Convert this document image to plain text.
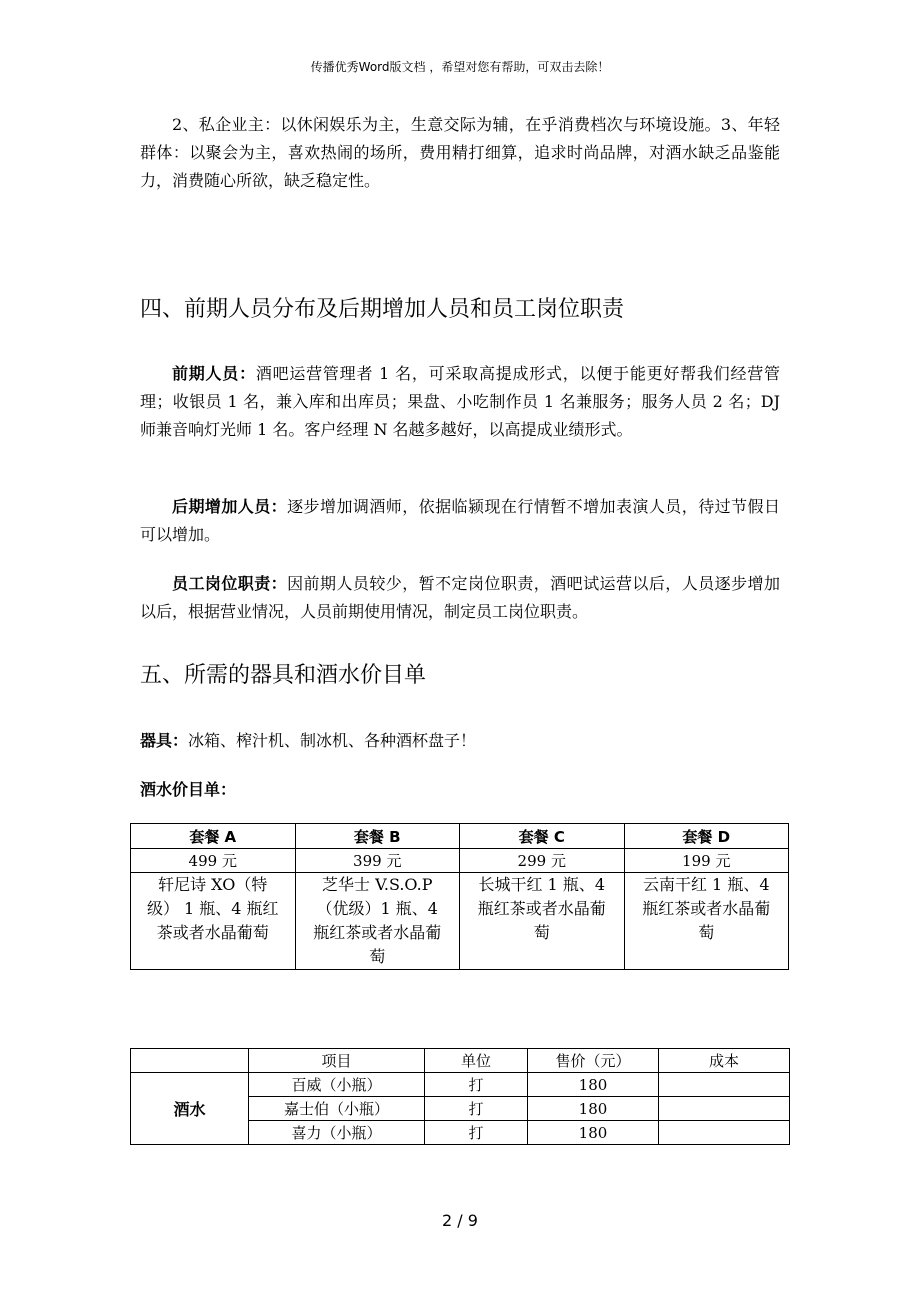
传播优秀Word版文档 ，希望对您有帮助，可双击去除！
2、私企业主：以休闲娱乐为主，生意交际为辅，在乎消费档次与环境设施。3、年轻群体：以聚会为主，喜欢热闹的场所，费用精打细算，追求时尚品牌，对酒水缺乏品鉴能力，消费随心所欲，缺乏稳定性。
四、前期人员分布及后期增加人员和员工岗位职责
前期人员：酒吧运营管理者 1 名，可采取高提成形式，以便于能更好帮我们经营管理；收银员 1 名，兼入库和出库员；果盘、小吃制作员 1 名兼服务；服务人员 2 名；DJ 师兼音响灯光师 1 名。客户经理 N 名越多越好，以高提成业绩形式。
后期增加人员：逐步增加调酒师，依据临颍现在行情暂不增加表演人员，待过节假日可以增加。
员工岗位职责：因前期人员较少，暂不定岗位职责，酒吧试运营以后，人员逐步增加以后，根据营业情况，人员前期使用情况，制定员工岗位职责。
五、所需的器具和酒水价目单
器具：冰箱、榨汁机、制冰机、各种酒杯盘子！
酒水价目单：
套餐 A	套餐 B	套餐 C	套餐 D
499 元	399 元	299 元	199 元
轩尼诗 XO（特级） 1 瓶、4 瓶红茶或者水晶葡萄	芝华士 V.S.O.P（优级）1 瓶、4 瓶红茶或者水晶葡萄	长城干红 1 瓶、4 瓶红茶或者水晶葡萄	云南干红 1 瓶、4 瓶红茶或者水晶葡萄
	项目	单位	售价（元）	成本
酒水	百威（小瓶）	打	180	
	嘉士伯（小瓶）	打	180	
	喜力（小瓶）	打	180	
2 / 9
